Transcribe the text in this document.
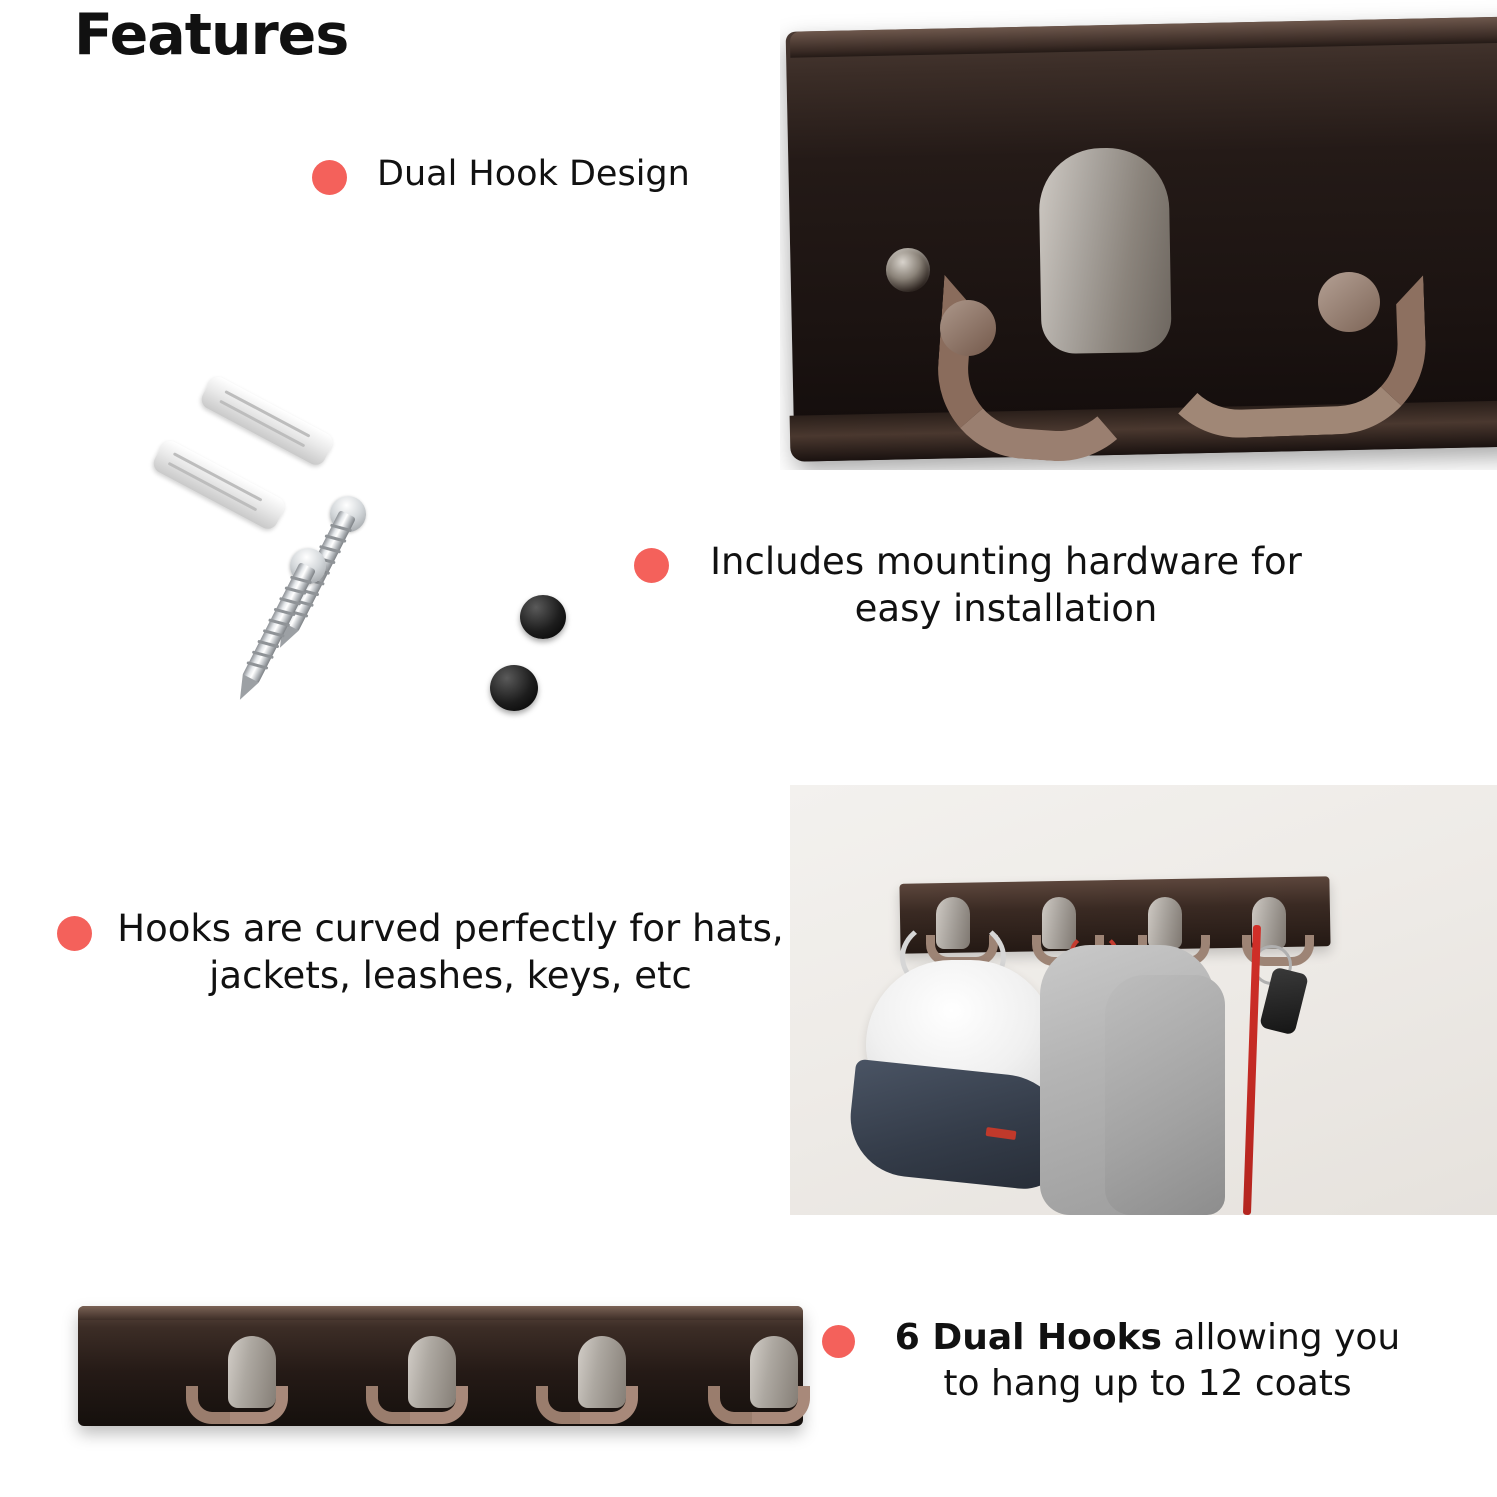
Features
Dual Hook Design
Includes mounting hardware for easy installation
Hooks are curved perfectly for hats, jackets, leashes, keys, etc
6 Dual Hooks allowing you to hang up to 12 coats
